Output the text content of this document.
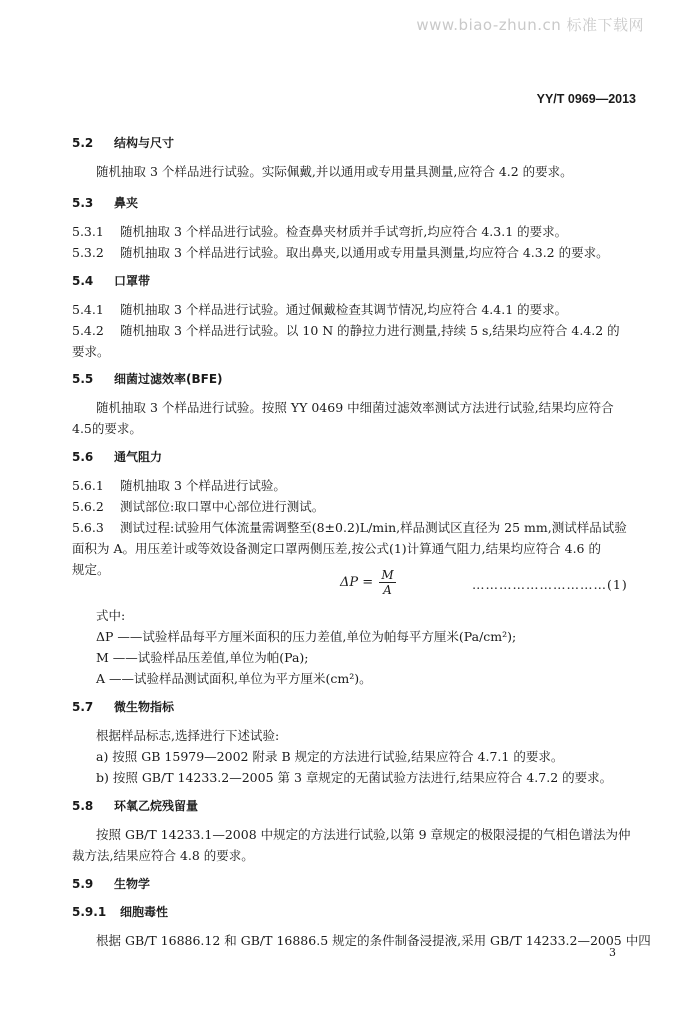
www.biao-zhun.cn 标准下载网
YY/T 0969—2013
5.2 结构与尺寸
随机抽取 3 个样品进行试验。实际佩戴,并以通用或专用量具测量,应符合 4.2 的要求。
5.3 鼻夹
5.3.1 随机抽取 3 个样品进行试验。检查鼻夹材质并手试弯折,均应符合 4.3.1 的要求。
5.3.2 随机抽取 3 个样品进行试验。取出鼻夹,以通用或专用量具测量,均应符合 4.3.2 的要求。
5.4 口罩带
5.4.1 随机抽取 3 个样品进行试验。通过佩戴检查其调节情况,均应符合 4.4.1 的要求。
5.4.2 随机抽取 3 个样品进行试验。以 10 N 的静拉力进行测量,持续 5 s,结果均应符合 4.4.2 的
要求。
5.5 细菌过滤效率(BFE)
随机抽取 3 个样品进行试验。按照 YY 0469 中细菌过滤效率测试方法进行试验,结果均应符合
4.5的要求。
5.6 通气阻力
5.6.1 随机抽取 3 个样品进行试验。
5.6.2 测试部位:取口罩中心部位进行测试。
5.6.3 测试过程:试验用气体流量需调整至(8±0.2)L/min,样品测试区直径为 25 mm,测试样品试验
面积为 A。用压差计或等效设备测定口罩两侧压差,按公式(1)计算通气阻力,结果均应符合 4.6 的
规定。
$\Delta P = \frac{M}{A}$	…………………………(1)
式中:
ΔP ——试验样品每平方厘米面积的压力差值,单位为帕每平方厘米(Pa/cm²);
M ——试验样品压差值,单位为帕(Pa);
A ——试验样品测试面积,单位为平方厘米(cm²)。
5.7 微生物指标
根据样品标志,选择进行下述试验:
a) 按照 GB 15979—2002 附录 B 规定的方法进行试验,结果应符合 4.7.1 的要求。
b) 按照 GB/T 14233.2—2005 第 3 章规定的无菌试验方法进行,结果应符合 4.7.2 的要求。
5.8 环氧乙烷残留量
按照 GB/T 14233.1—2008 中规定的方法进行试验,以第 9 章规定的极限浸提的气相色谱法为仲
裁方法,结果应符合 4.8 的要求。
5.9 生物学
5.9.1 细胞毒性
根据 GB/T 16886.12 和 GB/T 16886.5 规定的条件制备浸提液,采用 GB/T 14233.2—2005 中四
3
